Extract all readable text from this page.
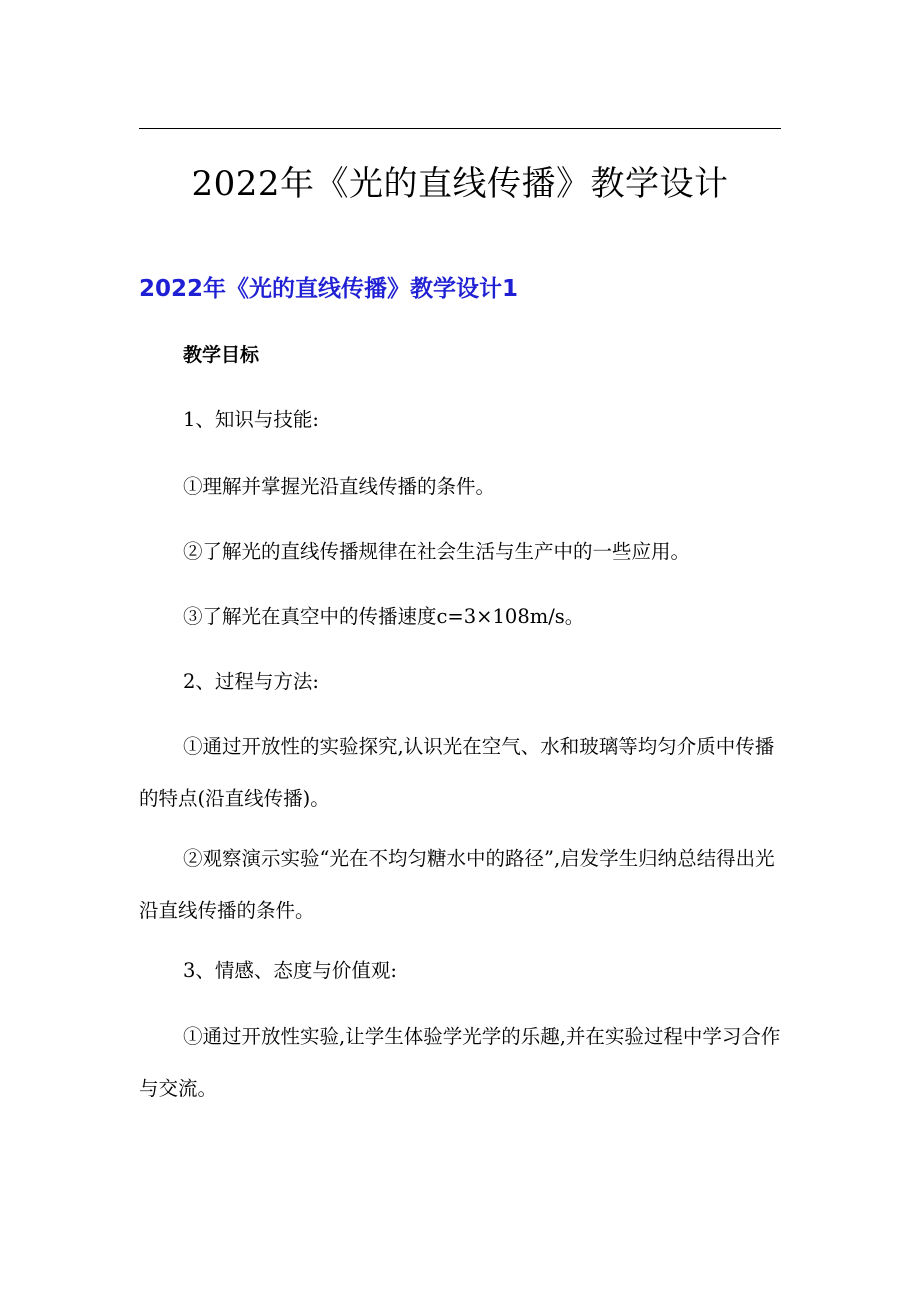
2022年《光的直线传播》教学设计
2022年《光的直线传播》教学设计1
教学目标
1、知识与技能:
①理解并掌握光沿直线传播的条件。
②了解光的直线传播规律在社会生活与生产中的一些应用。
③了解光在真空中的传播速度c=3×108m/s。
2、过程与方法:
①通过开放性的实验探究,认识光在空气、水和玻璃等均匀介质中传播的特点(沿直线传播)。
②观察演示实验“光在不均匀糖水中的路径”,启发学生归纳总结得出光沿直线传播的条件。
3、情感、态度与价值观:
①通过开放性实验,让学生体验学光学的乐趣,并在实验过程中学习合作与交流。
